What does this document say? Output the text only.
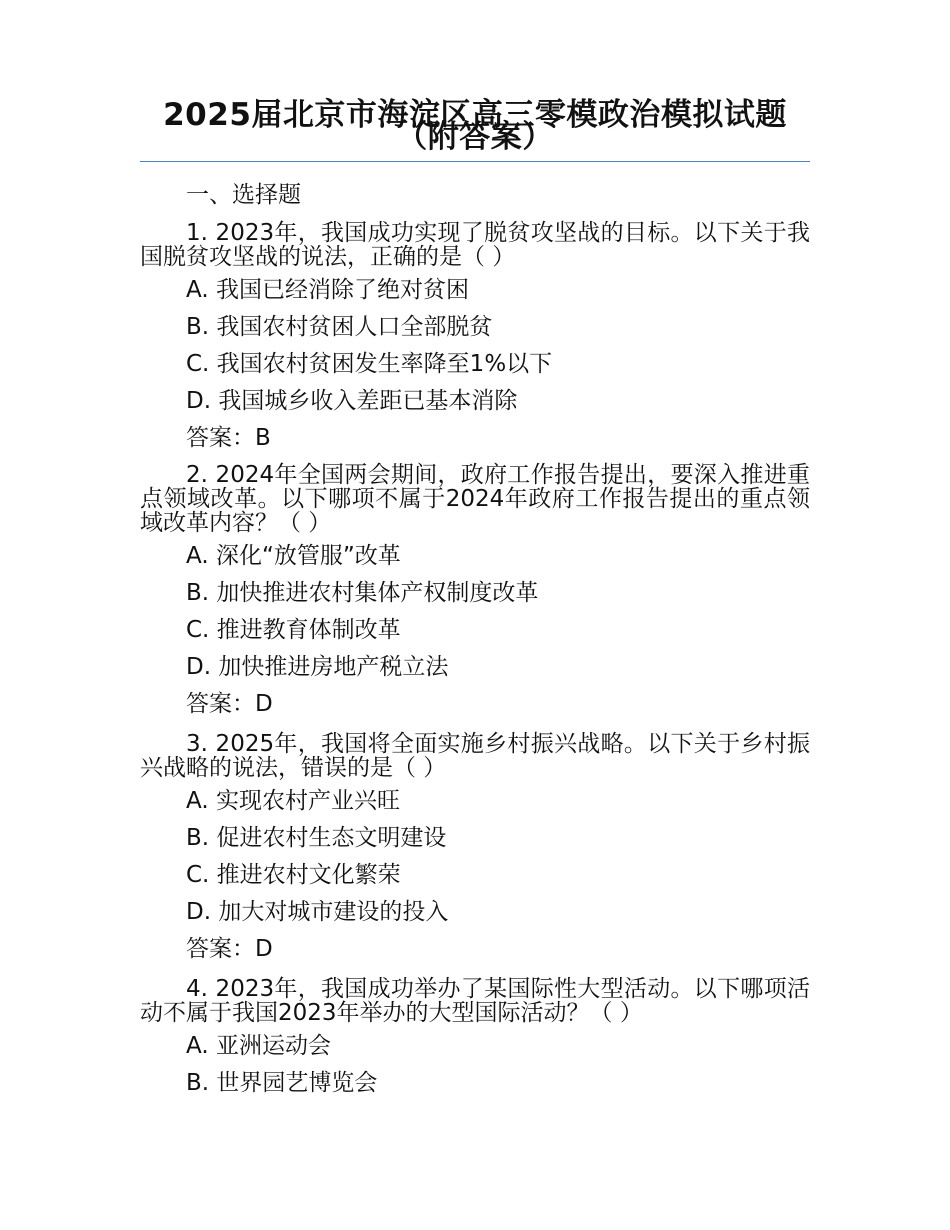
2025届北京市海淀区高三零模政治模拟试题（附答案）
一、选择题

1. 2023年，我国成功实现了脱贫攻坚战的目标。以下关于我国脱贫攻坚战的说法，正确的是（ ）

A. 我国已经消除了绝对贫困
B. 我国农村贫困人口全部脱贫
C. 我国农村贫困发生率降至1%以下
D. 我国城乡收入差距已基本消除
答案：B

2. 2024年全国两会期间，政府工作报告提出，要深入推进重点领域改革。以下哪项不属于2024年政府工作报告提出的重点领域改革内容？（ ）

A. 深化“放管服”改革
B. 加快推进农村集体产权制度改革
C. 推进教育体制改革
D. 加快推进房地产税立法
答案：D

3. 2025年，我国将全面实施乡村振兴战略。以下关于乡村振兴战略的说法，错误的是（ ）

A. 实现农村产业兴旺
B. 促进农村生态文明建设
C. 推进农村文化繁荣
D. 加大对城市建设的投入
答案：D

4. 2023年，我国成功举办了某国际性大型活动。以下哪项活动不属于我国2023年举办的大型国际活动？（ ）

A. 亚洲运动会
B. 世界园艺博览会
